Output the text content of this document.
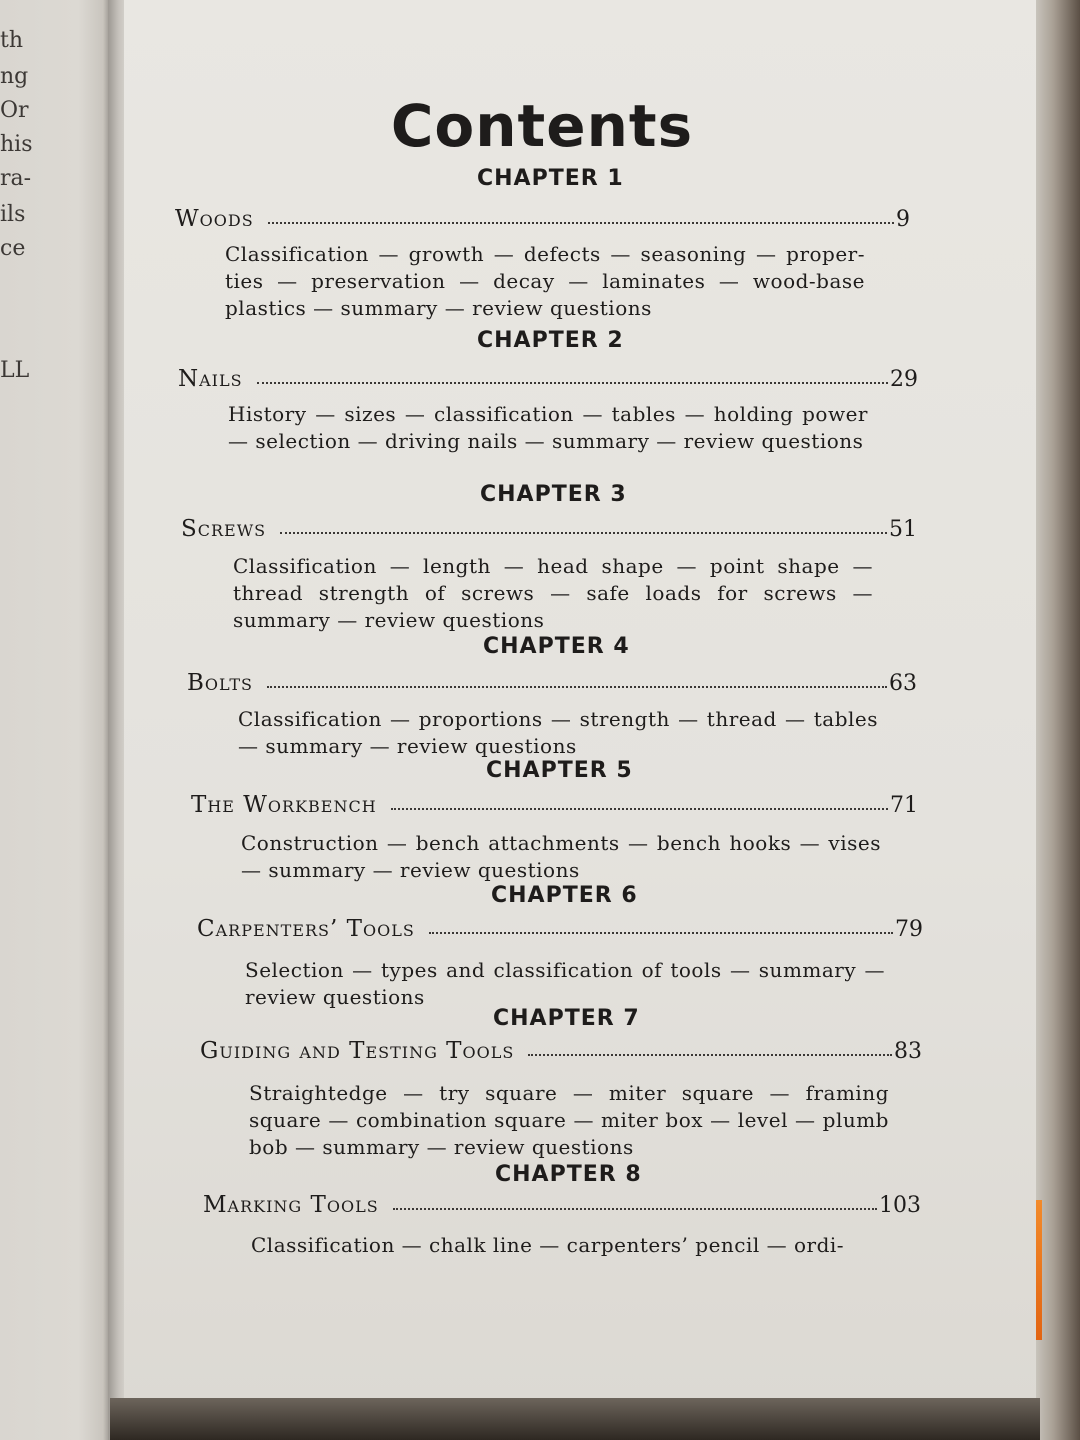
th
ng
Or
his
ra-
ils
ce
LL
Contents
CHAPTER 1
Woods	9
Classification — growth — defects — seasoning — proper-ties — preservation — decay — laminates — wood-base plastics — summary — review questions
CHAPTER 2
Nails	29
History — sizes — classification — tables — holding power — selection — driving nails — summary — review questions
CHAPTER 3
Screws	51
Classification — length — head shape — point shape — thread strength of screws — safe loads for screws — summary — review questions
CHAPTER 4
Bolts	63
Classification — proportions — strength — thread — tables — summary — review questions
CHAPTER 5
The Workbench	71
Construction — bench attachments — bench hooks — vises — summary — review questions
CHAPTER 6
Carpenters’ Tools	79
Selection — types and classification of tools — summary — review questions
CHAPTER 7
Guiding and Testing Tools	83
Straightedge — try square — miter square — framing square — combination square — miter box — level — plumb bob — summary — review questions
CHAPTER 8
Marking Tools	103
Classification — chalk line — carpenters’ pencil — ordi-
